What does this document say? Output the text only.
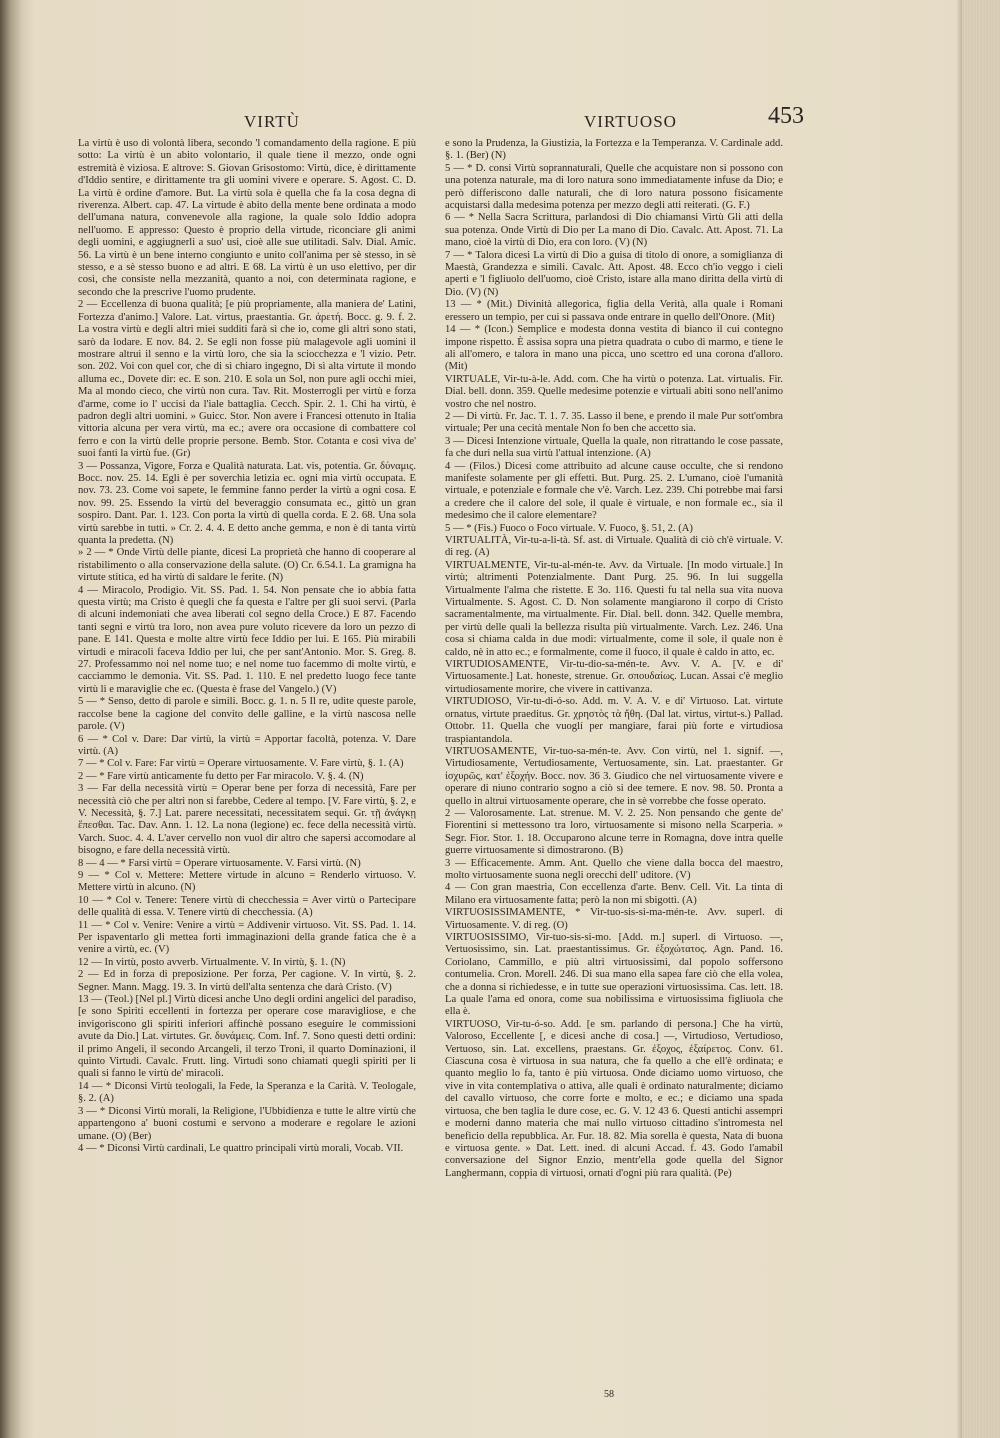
VIRTÙ	VIRTUOSO	453

La virtù è uso di volontà libera, secondo 'l comandamento della ragione. E più sotto: La virtù è un abito volontario, il quale tiene il mezzo, onde ogni estremità è viziosa. E altrove: S. Giovan Grisostomo: Virtù, dice, è dirittamente d'Iddio sentire, e dirittamente tra gli uomini vivere e operare. S. Agost. C. D. La virtù è ordine d'amore. But. La virtù sola è quella che fa la cosa degna di riverenza. Albert. cap. 47. La virtude è abito della mente bene ordinata a modo dell'umana natura, convenevole alla ragione, la quale solo Iddio adopra nell'uomo. E appresso: Questo è proprio della virtude, riconciare gli animi degli uomini, e aggiugnerli a suo' usi, cioè alle sue utilitadi. Salv. Dial. Amic. 56. La virtù è un bene interno congiunto e unito coll'anima per sè stesso, in sè stesso, e a sè stesso buono e ad altri. E 68. La virtù è un uso elettivo, per dir così, che consiste nella mezzanità, quanto a noi, con determinata ragione, e secondo che la prescrive l'uomo prudente.

2 — Eccellenza di buona qualità; [e più propriamente, alla maniera de' Latini, Fortezza d'animo.] Valore. Lat. virtus, praestantia. Gr. ἀρετή. Bocc. g. 9. f. 2. La vostra virtù e degli altri miei sudditi farà sì che io, come gli altri sono stati, sarò da lodare. E nov. 84. 2. Se egli non fosse più malagevole agli uomini il mostrare altrui il senno e la virtù loro, che sia la sciocchezza e 'l vizio. Petr. son. 202. Voi con quel cor, che di sì chiaro ingegno, Di sì alta virtute il mondo alluma ec., Dovete dir: ec. E son. 210. E sola un Sol, non pure agli occhi miei, Ma al mondo cieco, che virtù non cura. Tav. Rit. Mosterrogli per virtù e forza d'arme, come io l' uccisi da l'iale battaglia. Cecch. Spir. 2. 1. Chi ha virtù, è padron degli altri uomini. » Guicc. Stor. Non avere i Francesi ottenuto in Italia vittoria alcuna per vera virtù, ma ec.; avere ora occasione di combattere col ferro e con la virtù delle proprie persone. Bemb. Stor. Cotanta e così viva de' suoi fanti la virtù fue. (Gr)

3 — Possanza, Vigore, Forza e Qualità naturata. Lat. vis, potentia. Gr. δύναμις. Bocc. nov. 25. 14. Egli è per soverchia letizia ec. ogni mia virtù occupata. E nov. 73. 23. Come voi sapete, le femmine fanno perder la virtù a ogni cosa. E nov. 99. 25. Essendo la virtù del beveraggio consumata ec., gittò un gran sospiro. Dant. Par. 1. 123. Con porta la virtù di quella corda. E 2. 68. Una sola virtù sarebbe in tutti. » Cr. 2. 4. 4. E detto anche gemma, e non è di tanta virtù quanta la predetta. (N)

» 2 — * Onde Virtù delle piante, dicesi La proprietà che hanno di cooperare al ristabilimento o alla conservazione della salute. (O) Cr. 6.54.1. La gramigna ha virtute stitica, ed ha virtù di saldare le ferite. (N)

4 — Miracolo, Prodigio. Vit. SS. Pad. 1. 54. Non pensate che io abbia fatta questa virtù; ma Cristo è quegli che fa questa e l'altre per gli suoi servi. (Parla di alcuni indemoniati che avea liberati col segno della Croce.) E 87. Facendo tanti segni e virtù tra loro, non avea pure voluto ricevere da loro un pezzo di pane. E 141. Questa e molte altre virtù fece Iddio per lui. E 165. Più mirabili virtudi e miracoli faceva Iddio per lui, che per sant'Antonio. Mor. S. Greg. 8. 27. Professammo noi nel nome tuo; e nel nome tuo facemmo di molte virtù, e cacciammo le demonia. Vit. SS. Pad. 1. 110. E nel predetto luogo fece tante virtù li e maraviglie che ec. (Questa è frase del Vangelo.) (V)

5 — * Senso, detto di parole e simili. Bocc. g. 1. n. 5 Il re, udite queste parole, raccolse bene la cagione del convito delle galline, e la virtù nascosa nelle parole. (V)

6 — * Col v. Dare: Dar virtù, la virtù = Apportar facoltà, potenza. V. Dare virtù. (A)

7 — * Col v. Fare: Far virtù = Operare virtuosamente. V. Fare virtù, §. 1. (A)

2 — * Fare virtù anticamente fu detto per Far miracolo. V. §. 4. (N)

3 — Far della necessità virtù = Operar bene per forza di necessità, Fare per necessità ciò che per altri non si farebbe, Cedere al tempo. [V. Fare virtù, §. 2, e V. Necessità, §. 7.] Lat. parere necessitati, necessitatem sequi. Gr. τῇ ἀνάγκῃ ἕπεσθαι. Tac. Dav. Ann. 1. 12. La nona (legione) ec. fece della necessità virtù. Varch. Suoc. 4. 4. L'aver cervello non vuol dir altro che sapersi accomodare al bisogno, e fare della necessità virtù.

8 — 4 — * Farsi virtù = Operare virtuosamente. V. Farsi virtù. (N)

9 — * Col v. Mettere: Mettere virtude in alcuno = Renderlo virtuoso. V. Mettere virtù in alcuno. (N)

10 — * Col v. Tenere: Tenere virtù di checchessia = Aver virtù o Partecipare delle qualità di essa. V. Tenere virtù di checchessia. (A)

11 — * Col v. Venire: Venire a virtù = Addivenir virtuoso. Vit. SS. Pad. 1. 14. Per ispaventarlo gli mettea forti immaginazioni della grande fatica che è a venire a virtù, ec. (V)

12 — In virtù, posto avverb. Virtualmente. V. In virtù, §. 1. (N)

2 — Ed in forza di preposizione. Per forza, Per cagione. V. In virtù, §. 2. Segner. Mann. Magg. 19. 3. In virtù dell'alta sentenza che darà Cristo. (V)

13 — (Teol.) [Nel pl.] Virtù dicesi anche Uno degli ordini angelici del paradiso, [e sono Spiriti eccellenti in fortezza per operare cose maravigliose, e che invigoriscono gli spiriti inferiori affinchè possano eseguire le commissioni avute da Dio.] Lat. virtutes. Gr. δυνάμεις. Com. Inf. 7. Sono questi detti ordini: il primo Angeli, il secondo Arcangeli, il terzo Troni, il quarto Dominazioni, il quinto Virtudi. Cavalc. Frutt. ling. Virtudi sono chiamati quegli spiriti per li quali si fanno le virtù de' miracoli.

14 — * Diconsi Virtù teologali, la Fede, la Speranza e la Carità. V. Teologale, §. 2. (A)

3 — * Diconsi Virtù morali, la Religione, l'Ubbidienza e tutte le altre virtù che appartengono a' buoni costumi e servono a moderare e regolare le azioni umane. (O) (Ber)

4 — * Diconsi Virtù cardinali, Le quattro principali virtù morali, Vocab. VII.

e sono la Prudenza, la Giustizia, la Fortezza e la Temperanza. V. Cardinale add. §. 1. (Ber) (N)

5 — * D. consi Virtù soprannaturali, Quelle che acquistare non si possono con una potenza naturale, ma di loro natura sono immediatamente infuse da Dio; e però differiscono dalle naturali, che di loro natura possono fisicamente acquistarsi dalla medesima potenza per mezzo degli atti reiterati. (G. F.)

6 — * Nella Sacra Scrittura, parlandosi di Dio chiamansi Virtù Gli atti della sua potenza. Onde Virtù di Dio per La mano di Dio. Cavalc. Att. Apost. 71. La mano, cioè la virtù di Dio, era con loro. (V) (N)

7 — * Talora dicesi La virtù di Dio a guisa di titolo di onore, a somiglianza di Maestà, Grandezza e simili. Cavalc. Att. Apost. 48. Ecco ch'io veggo i cieli aperti e 'l figliuolo dell'uomo, cioè Cristo, istare alla mano diritta della virtù di Dio. (V) (N)

13 — * (Mit.) Divinità allegorica, figlia della Verità, alla quale i Romani eressero un tempio, per cui si passava onde entrare in quello dell'Onore. (Mit)

14 — * (Icon.) Semplice e modesta donna vestita di bianco il cui contegno impone rispetto. È assisa sopra una pietra quadrata o cubo di marmo, e tiene le ali all'omero, e talora in mano una picca, uno scettro ed una corona d'alloro. (Mit)

VIRTUALE, Vir-tu-à-le. Add. com. Che ha virtù o potenza. Lat. virtualis. Fir. Dial. bell. donn. 359. Quelle medesime potenzie e virtuali abiti sono nell'animo vostro che nel nostro.

2 — Di virtù. Fr. Jac. T. 1. 7. 35. Lasso il bene, e prendo il male Pur sott'ombra virtuale; Per una cecità mentale Non fo ben che accetto sia.

3 — Dicesi Intenzione virtuale, Quella la quale, non ritrattando le cose passate, fa che duri nella sua virtù l'attual intenzione. (A)

4 — (Filos.) Dicesi come attribuito ad alcune cause occulte, che si rendono manifeste solamente per gli effetti. But. Purg. 25. 2. L'umano, cioè l'umanità virtuale, e potenziale e formale che v'è. Varch. Lez. 239. Chi potrebbe mai farsi a credere che il calore del sole, il quale è virtuale, e non formale ec., sia il medesimo che il calore elementare?

5 — * (Fis.) Fuoco o Foco virtuale. V. Fuoco, §. 51, 2. (A)

VIRTUALITÀ, Vir-tu-a-li-tà. Sf. ast. di Virtuale. Qualità di ciò ch'è virtuale. V. di reg. (A)

VIRTUALMENTE, Vir-tu-al-mén-te. Avv. da Virtuale. [In modo virtuale.] In virtù; altrimenti Potenzialmente. Dant Purg. 25. 96. In lui suggella Virtualmente l'alma che ristette. E 3o. 116. Questi fu tal nella sua vita nuova Virtualmente. S. Agost. C. D. Non solamente mangiarono il corpo di Cristo sacramentalmente, ma virtualmente. Fir. Dial. bell. donn. 342. Quelle membra, per virtù delle quali la bellezza risulta più virtualmente. Varch. Lez. 246. Una cosa si chiama calda in due modi: virtualmente, come il sole, il quale non è caldo, nè in atto ec.; e formalmente, come il fuoco, il quale è caldo in atto, ec.

VIRTUDIOSAMENTE, Vir-tu-dio-sa-mén-te. Avv. V. A. [V. e di' Virtuosamente.] Lat. honeste, strenue. Gr. σπουδαίως. Lucan. Assai c'è meglio virtudiosamente morire, che vivere in cattivanza.

VIRTUDIOSO, Vir-tu-di-ó-so. Add. m. V. A. V. e di' Virtuoso. Lat. virtute ornatus, virtute praeditus. Gr. χρηστὸς τὰ ἤθη. (Dal lat. virtus, virtut-s.) Pallad. Ottobr. 11. Quella che vuoglí per mangiare, farai più forte e virtudiosa traspiantandola.

VIRTUOSAMENTE, Vir-tuo-sa-mén-te. Avv. Con virtù, nel 1. signif. —, Virtudiosamente, Vertudiosamente, Vertuosamente, sin. Lat. praestanter. Gr ἰσχυρῶς, κατ' ἐξοχήν. Bocc. nov. 36 3. Giudico che nel virtuosamente vivere e operare di niuno contrario sogno a ciò si dee temere. E nov. 98. 50. Pronta a quello in altrui virtuosamente operare, che in sè vorrebbe che fosse operato.

2 — Valorosamente. Lat. strenue. M. V. 2. 25. Non pensando che gente de' Fiorentini si mettessono tra loro, virtuosamente si misono nella Scarperia. » Segr. Fior. Stor. 1. 18. Occuparono alcune terre in Romagna, dove intra quelle guerre virtuosamente si dimostrarono. (B)

3 — Efficacemente. Amm. Ant. Quello che viene dalla bocca del maestro, molto virtuosamente suona negli orecchi dell' uditore. (V)

4 — Con gran maestria, Con eccellenza d'arte. Benv. Cell. Vit. La tinta di Milano era virtuosamente fatta; però la non mi sbigottì. (A)

VIRTUOSISSIMAMENTE, * Vir-tuo-sis-si-ma-mén-te. Avv. superl. di Virtuosamente. V. di reg. (O)

VIRTUOSISSIMO, Vir-tuo-sis-si-mo. [Add. m.] superl. di Virtuoso. —, Vertuosissimo, sin. Lat. praestantissimus. Gr. ἐξοχώτατος. Agn. Pand. 16. Coriolano, Cammillo, e più altri virtuosissimi, dal popolo soffersono contumelia. Cron. Morell. 246. Di sua mano ella sapea fare ciò che ella volea, che a donna si richiedesse, e in tutte sue operazioni virtuosissima. Cas. lett. 18. La quale l'ama ed onora, come sua nobilissima e virtuosissima figliuola che ella è.

VIRTUOSO, Vir-tu-ó-so. Add. [e sm. parlando di persona.] Che ha virtù, Valoroso, Eccellente [, e dicesi anche di cosa.] —, Virtudioso, Vertudioso, Vertuoso, sin. Lat. excellens, praestans. Gr. ἐξοχος, ἐξαίρετος. Conv. 61. Ciascuna cosa è virtuosa in sua natura, che fa quello a che ell'è ordinata; e quanto meglio lo fa, tanto è più virtuosa. Onde diciamo uomo virtuoso, che vive in vita contemplativa o attiva, alle quali è ordinato naturalmente; diciamo del cavallo virtuoso, che corre forte e molto, e ec.; e diciamo una spada virtuosa, che ben taglia le dure cose, ec. G. V. 12 43 6. Questi antichi assempri e moderni danno materia che mai nullo virtuoso cittadino s'intromesta nel beneficio della repubblica. Ar. Fur. 18. 82. Mia sorella è questa, Nata di buona e virtuosa gente. » Dat. Lett. ined. di alcuni Accad. f. 43. Godo l'amabil conversazione del Signor Enzio, mentr'ella gode quella del Signor Langhermann, coppia di virtuosi, ornati d'ogni più rara qualità. (Pe)

58
